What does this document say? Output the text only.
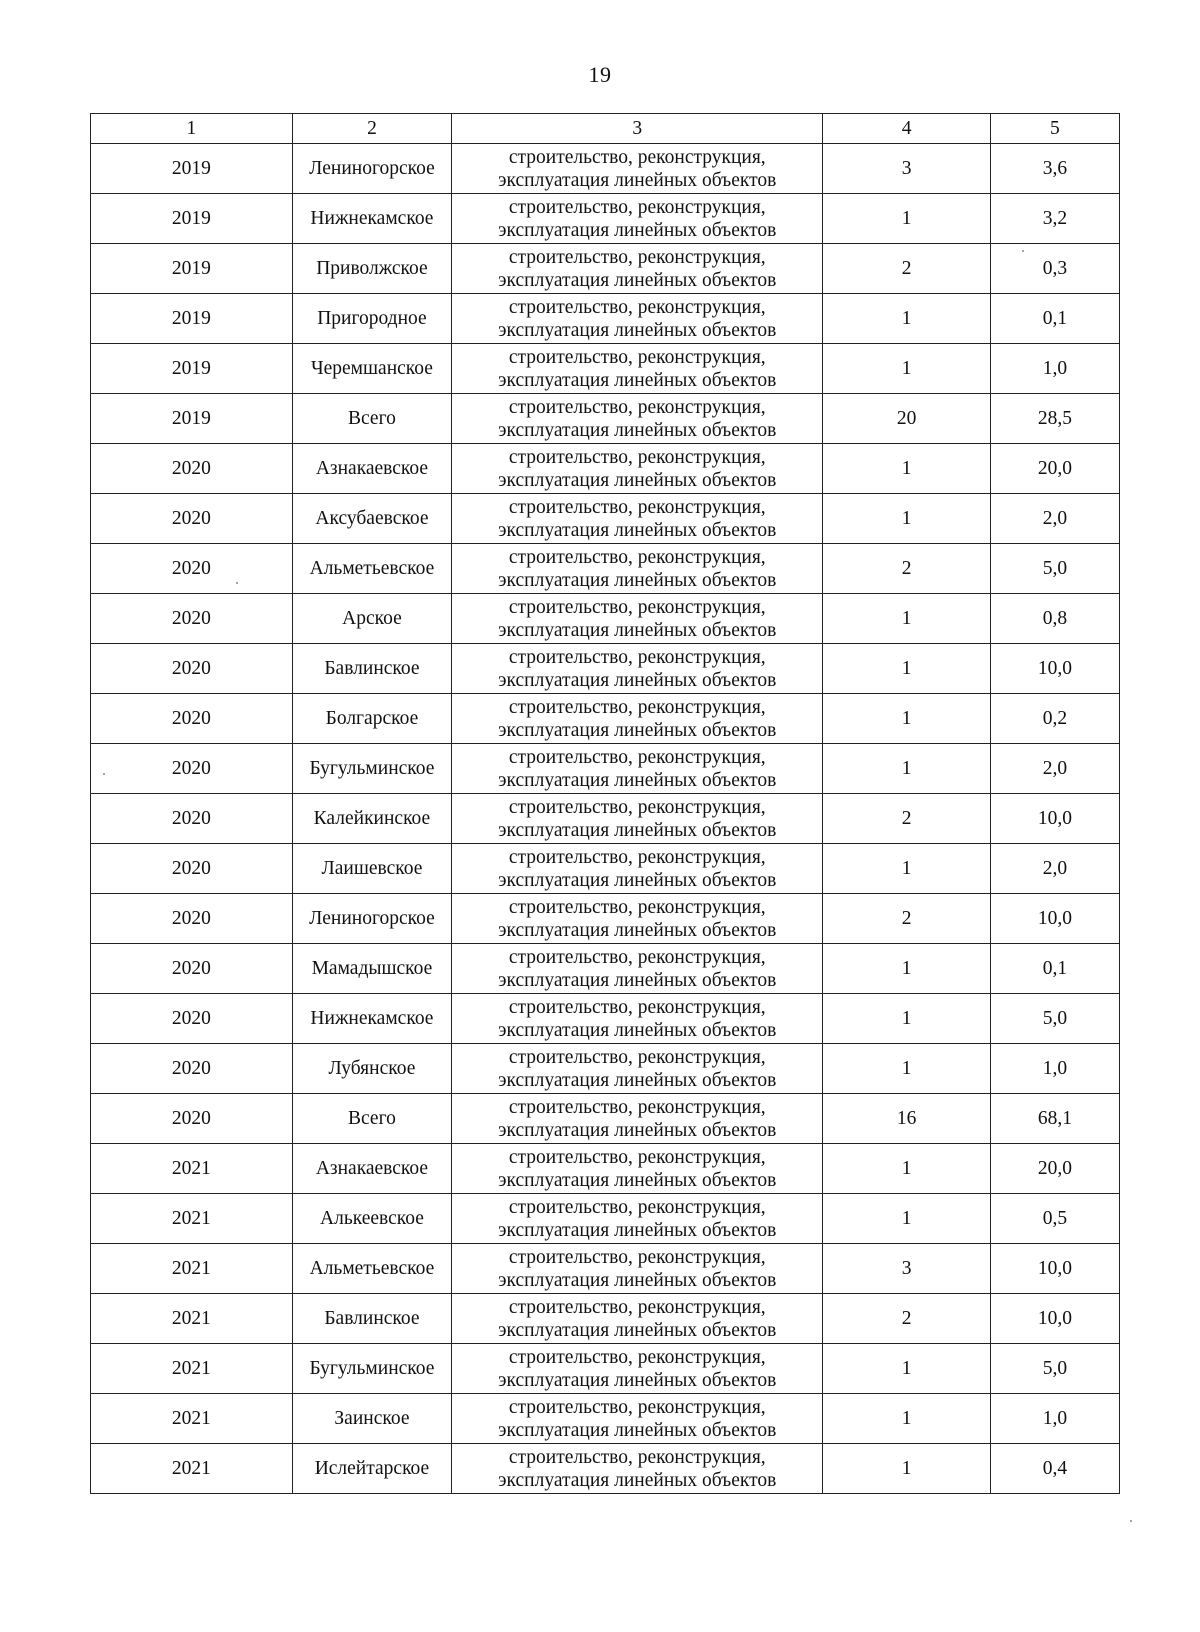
19
1	2	3	4	5
2019	Лениногорское	строительство, реконструкция,
эксплуатация линейных объектов	3	3,6
2019	Нижнекамское	строительство, реконструкция,
эксплуатация линейных объектов	1	3,2
2019	Приволжское	строительство, реконструкция,
эксплуатация линейных объектов	2	0,3
2019	Пригородное	строительство, реконструкция,
эксплуатация линейных объектов	1	0,1
2019	Черемшанское	строительство, реконструкция,
эксплуатация линейных объектов	1	1,0
2019	Всего	строительство, реконструкция,
эксплуатация линейных объектов	20	28,5
2020	Азнакаевское	строительство, реконструкция,
эксплуатация линейных объектов	1	20,0
2020	Аксубаевское	строительство, реконструкция,
эксплуатация линейных объектов	1	2,0
2020	Альметьевское	строительство, реконструкция,
эксплуатация линейных объектов	2	5,0
2020	Арское	строительство, реконструкция,
эксплуатация линейных объектов	1	0,8
2020	Бавлинское	строительство, реконструкция,
эксплуатация линейных объектов	1	10,0
2020	Болгарское	строительство, реконструкция,
эксплуатация линейных объектов	1	0,2
2020	Бугульминское	строительство, реконструкция,
эксплуатация линейных объектов	1	2,0
2020	Калейкинское	строительство, реконструкция,
эксплуатация линейных объектов	2	10,0
2020	Лаишевское	строительство, реконструкция,
эксплуатация линейных объектов	1	2,0
2020	Лениногорское	строительство, реконструкция,
эксплуатация линейных объектов	2	10,0
2020	Мамадышское	строительство, реконструкция,
эксплуатация линейных объектов	1	0,1
2020	Нижнекамское	строительство, реконструкция,
эксплуатация линейных объектов	1	5,0
2020	Лубянское	строительство, реконструкция,
эксплуатация линейных объектов	1	1,0
2020	Всего	строительство, реконструкция,
эксплуатация линейных объектов	16	68,1
2021	Азнакаевское	строительство, реконструкция,
эксплуатация линейных объектов	1	20,0
2021	Алькеевское	строительство, реконструкция,
эксплуатация линейных объектов	1	0,5
2021	Альметьевское	строительство, реконструкция,
эксплуатация линейных объектов	3	10,0
2021	Бавлинское	строительство, реконструкция,
эксплуатация линейных объектов	2	10,0
2021	Бугульминское	строительство, реконструкция,
эксплуатация линейных объектов	1	5,0
2021	Заинское	строительство, реконструкция,
эксплуатация линейных объектов	1	1,0
2021	Ислейтарское	строительство, реконструкция,
эксплуатация линейных объектов	1	0,4
